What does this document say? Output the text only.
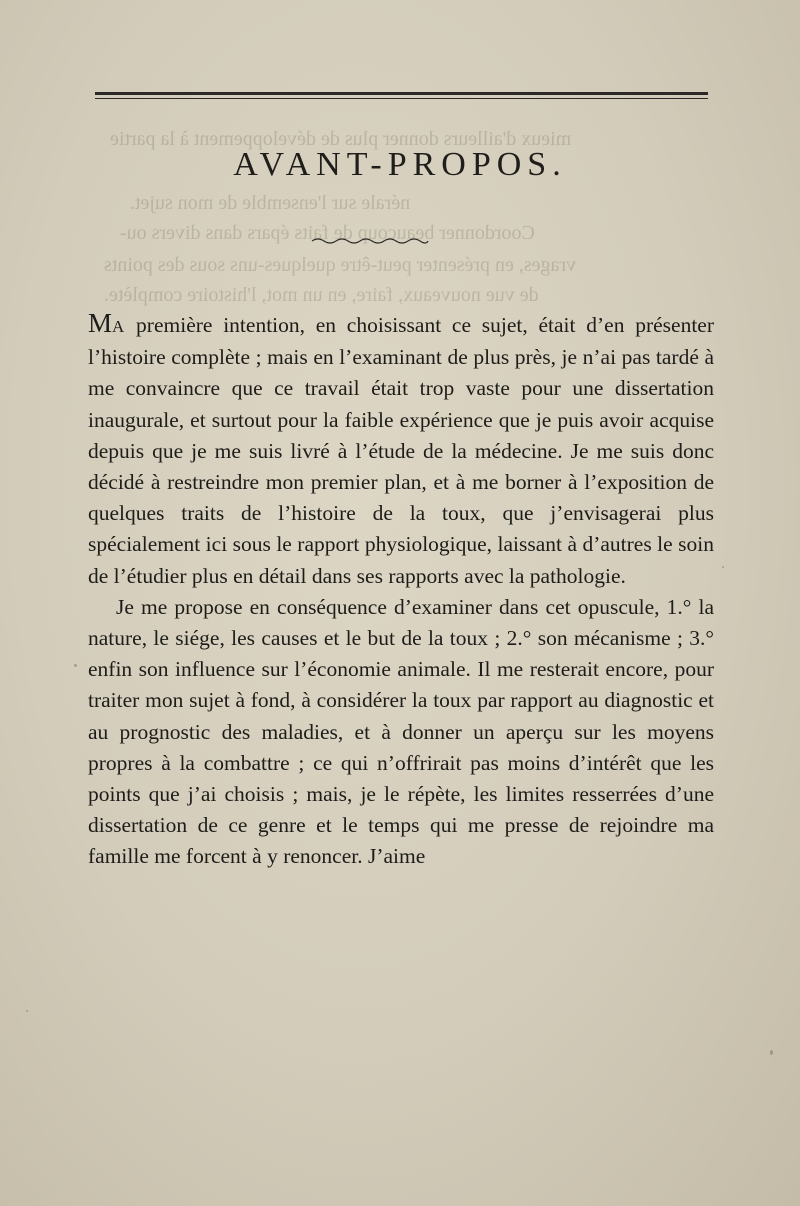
mieux d'ailleurs donner plus de développement à la partie
nérale sur l'ensemble de mon sujet.
Coordonner beaucoup de faits épars dans divers ou-
vrages, en présenter peut-être quelques-uns sous des points
de vue nouveaux, faire, en un mot, l'histoire complète.
AVANT-PROPOS.

MA première intention, en choisissant ce sujet, était d’en présenter l’histoire complète ; mais en l’examinant de plus près, je n’ai pas tardé à me convaincre que ce travail était trop vaste pour une dissertation inaugurale, et surtout pour la faible expérience que je puis avoir acquise depuis que je me suis livré à l’étude de la médecine. Je me suis donc décidé à restreindre mon premier plan, et à me borner à l’exposition de quelques traits de l’histoire de la toux, que j’envisagerai plus spécialement ici sous le rapport physiologique, laissant à d’autres le soin de l’étudier plus en détail dans ses rapports avec la pathologie.

Je me propose en conséquence d’examiner dans cet opuscule, 1.° la nature, le siége, les causes et le but de la toux ; 2.° son mécanisme ; 3.° enfin son influence sur l’économie animale. Il me resterait encore, pour traiter mon sujet à fond, à considérer la toux par rapport au diagnostic et au prognostic des maladies, et à donner un aperçu sur les moyens propres à la combattre ; ce qui n’offrirait pas moins d’intérêt que les points que j’ai choisis ; mais, je le répète, les limites resserrées d’une dissertation de ce genre et le temps qui me presse de rejoindre ma famille me forcent à y renoncer. J’aime
